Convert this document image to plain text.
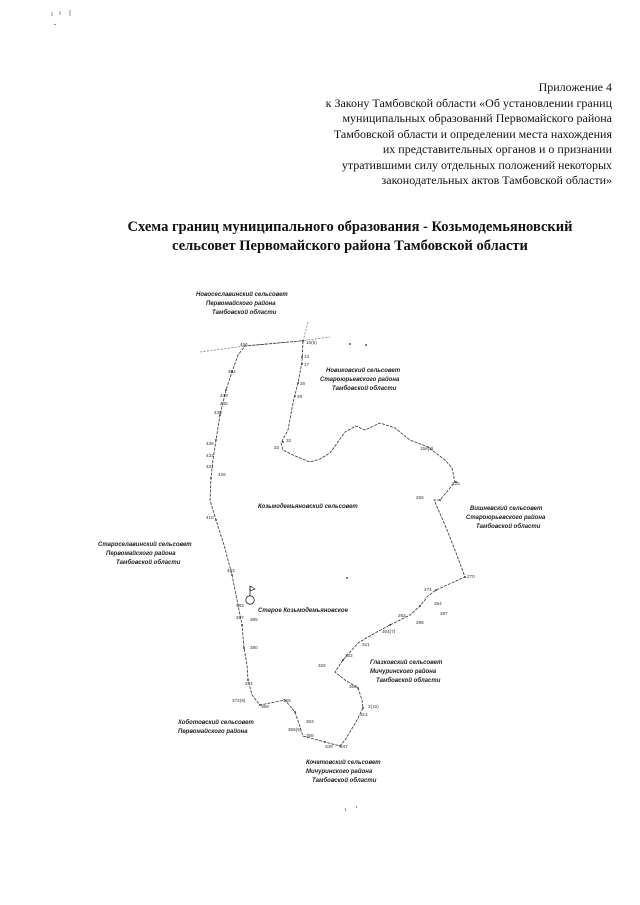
Приложение 4
к Закону Тамбовской области «Об установлении границ
муниципальных образований Первомайского района
Тамбовской области и определении места нахождения
их представительных органов и о признании
утратившими силу отдельных положений некоторых
законодательных актов Тамбовской области»
Схема границ муниципального образования - Козьмодемьяновский
сельсовет Первомайского района Тамбовской области
Козьмодемьяновский сельсовет
Старое Козьмодемьяновское
Новосеславинский сельсовет
Первомайского района
Тамбовской области
Новиковский сельсовет
Староюрьевского района
Тамбовской области
Вишневский сельсовет
Староюрьевского района
Тамбовской области
Староселавинский сельсовет
Первомайского района
Тамбовской области
Глазковский сельсовет
Мичуринского района
Тамбовской области
Хоботовский сельсовет
Первомайского района
Кочетовский сельсовет
Мичуринского района
Тамбовской области
10(5)
13
17
26
29
32
33	158(8)
225
256
270
274
284
287
292
298
304(7)
321
322
326
350
314
2(10)
347
349
358
356(6)
363
365
369
372(9)
374
380
385
387
393
403
410
426
431
433
435
439
445
449
454
456
